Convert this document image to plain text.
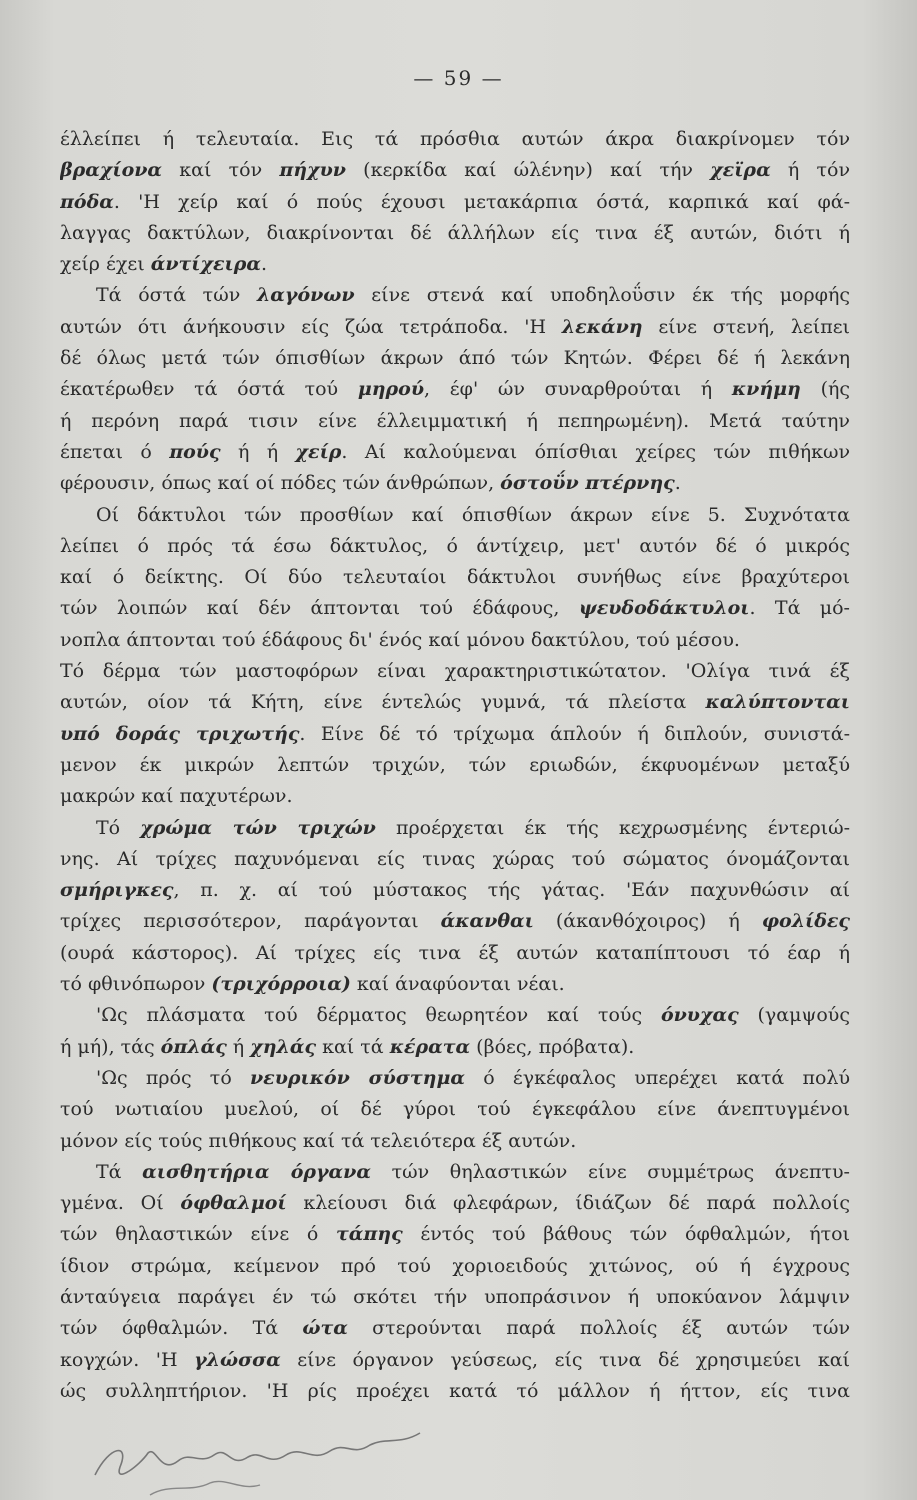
— 59 —
έλλείπει ή τελευταία. Εις τά πρόσθια αυτών άκρα διακρίνομεν τόν
βραχίονα καί τόν πήχυν (κερκίδα καί ώλένην) καί τήν χεϊρα ή τόν
πόδα. 'Η χείρ καί ό πούς έχουσι μετακάρπια όστά, καρπικά καί φά-
λαγγας δακτύλων, διακρίνονται δέ άλλήλων είς τινα έξ αυτών, διότι ή
χείρ έχει άντίχειρα.
Τά όστά τών λαγόνων είνε στενά καί υποδηλοΰσιν έκ τής μορφής
αυτών ότι άνήκουσιν είς ζώα τετράποδα. 'Η λεκάνη είνε στενή, λείπει
δέ όλως μετά τών όπισθίων άκρων άπό τών Κητών. Φέρει δέ ή λεκάνη
έκατέρωθεν τά όστά τού μηρού, έφ' ών συναρθρούται ή κνήμη (ής
ή περόνη παρά τισιν είνε έλλειμματική ή πεπηρωμένη). Μετά ταύτην
έπεται ό πούς ή ή χείρ. Αί καλούμεναι όπίσθιαι χείρες τών πιθήκων
φέρουσιν, όπως καί οί πόδες τών άνθρώπων, όστοΰν πτέρνης.
Οί δάκτυλοι τών προσθίων καί όπισθίων άκρων είνε 5. Συχνότατα
λείπει ό πρός τά έσω δάκτυλος, ό άντίχειρ, μετ' αυτόν δέ ό μικρός
καί ό δείκτης. Οί δύο τελευταίοι δάκτυλοι συνήθως είνε βραχύτεροι
τών λοιπών καί δέν άπτονται τού έδάφους, ψευδοδάκτυλοι. Τά μό-
νοπλα άπτονται τού έδάφους δι' ένός καί μόνου δακτύλου, τού μέσου.
Τό δέρμα τών μαστοφόρων είναι χαρακτηριστικώτατον. 'Ολίγα τινά έξ
αυτών, οίον τά Κήτη, είνε έντελώς γυμνά, τά πλείστα καλύπτονται
υπό δοράς τριχωτής. Είνε δέ τό τρίχωμα άπλούν ή διπλούν, συνιστά-
μενον έκ μικρών λεπτών τριχών, τών εριωδών, έκφυομένων μεταξύ
μακρών καί παχυτέρων.
Τό χρώμα τών τριχών προέρχεται έκ τής κεχρωσμένης έντεριώ-
νης. Αί τρίχες παχυνόμεναι είς τινας χώρας τού σώματος όνομάζονται
σμήριγκες, π. χ. αί τού μύστακος τής γάτας. 'Εάν παχυνθώσιν αί
τρίχες περισσότερον, παράγονται άκανθαι (άκανθόχοιρος) ή φολίδες
(ουρά κάστορος). Αί τρίχες είς τινα έξ αυτών καταπίπτουσι τό έαρ ή
τό φθινόπωρον (τριχόρροια) καί άναφύονται νέαι.
'Ως πλάσματα τού δέρματος θεωρητέον καί τούς όνυχας (γαμψούς
ή μή), τάς όπλάς ή χηλάς καί τά κέρατα (βόες, πρόβατα).
'Ως πρός τό νευρικόν σύστημα ό έγκέφαλος υπερέχει κατά πολύ
τού νωτιαίου μυελού, οί δέ γύροι τού έγκεφάλου είνε άνεπτυγμένοι
μόνον είς τούς πιθήκους καί τά τελειότερα έξ αυτών.
Τά αισθητήρια όργανα τών θηλαστικών είνε συμμέτρως άνεπτυ-
γμένα. Οί όφθαλμοί κλείουσι διά φλεφάρων, ίδιάζων δέ παρά πολλοίς
τών θηλαστικών είνε ό τάπης έντός τού βάθους τών όφθαλμών, ήτοι
ίδιον στρώμα, κείμενον πρό τού χοριοειδούς χιτώνος, ού ή έγχρους
άνταύγεια παράγει έν τώ σκότει τήν υποπράσινον ή υποκύανον λάμψιν
τών όφθαλμών. Τά ώτα στερούνται παρά πολλοίς έξ αυτών τών
κογχών. 'Η γλώσσα είνε όργανον γεύσεως, είς τινα δέ χρησιμεύει καί
ώς συλληπτήριον. 'Η ρίς προέχει κατά τό μάλλον ή ήττον, είς τινα
